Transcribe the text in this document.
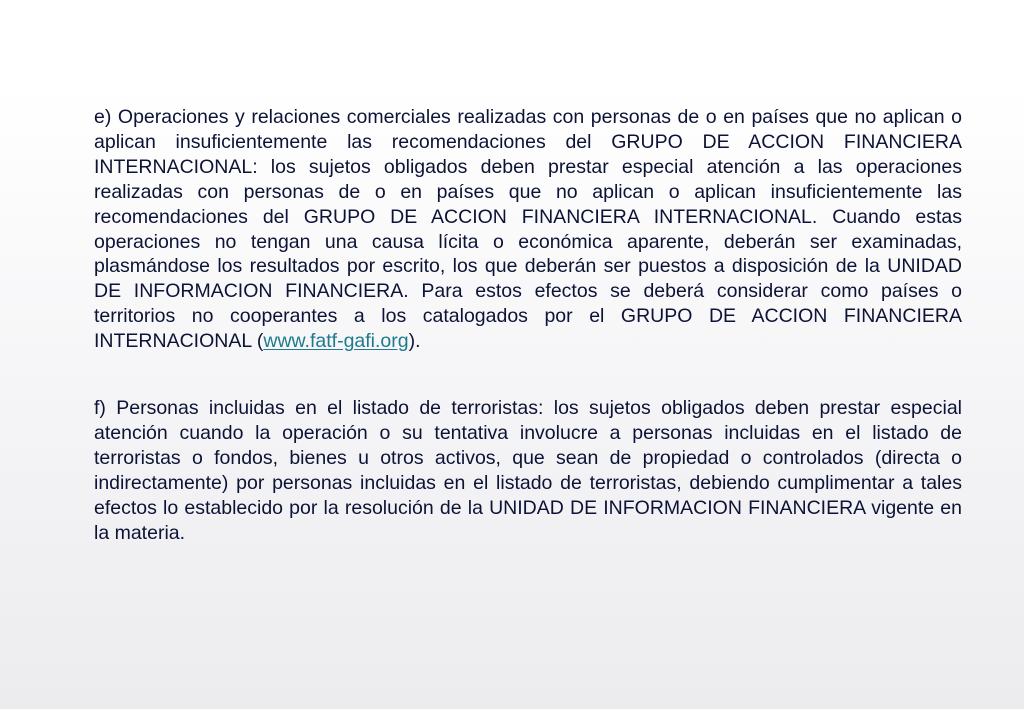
e) Operaciones y relaciones comerciales realizadas con personas de o en países que no aplican o aplican insuficientemente las recomendaciones del GRUPO DE ACCION FINANCIERA INTERNACIONAL: los sujetos obligados deben prestar especial atención a las operaciones realizadas con personas de o en países que no aplican o aplican insuficientemente las recomendaciones del GRUPO DE ACCION FINANCIERA INTERNACIONAL. Cuando estas operaciones no tengan una causa lícita o económica aparente, deberán ser examinadas, plasmándose los resultados por escrito, los que deberán ser puestos a disposición de la UNIDAD DE INFORMACION FINANCIERA. Para estos efectos se deberá considerar como países o territorios no cooperantes a los catalogados por el GRUPO DE ACCION FINANCIERA INTERNACIONAL (www.fatf-gafi.org).

f) Personas incluidas en el listado de terroristas: los sujetos obligados deben prestar especial atención cuando la operación o su tentativa involucre a personas incluidas en el listado de terroristas o fondos, bienes u otros activos, que sean de propiedad o controlados (directa o indirectamente) por personas incluidas en el listado de terroristas, debiendo cumplimentar a tales efectos lo establecido por la resolución de la UNIDAD DE INFORMACION FINANCIERA vigente en la materia.
